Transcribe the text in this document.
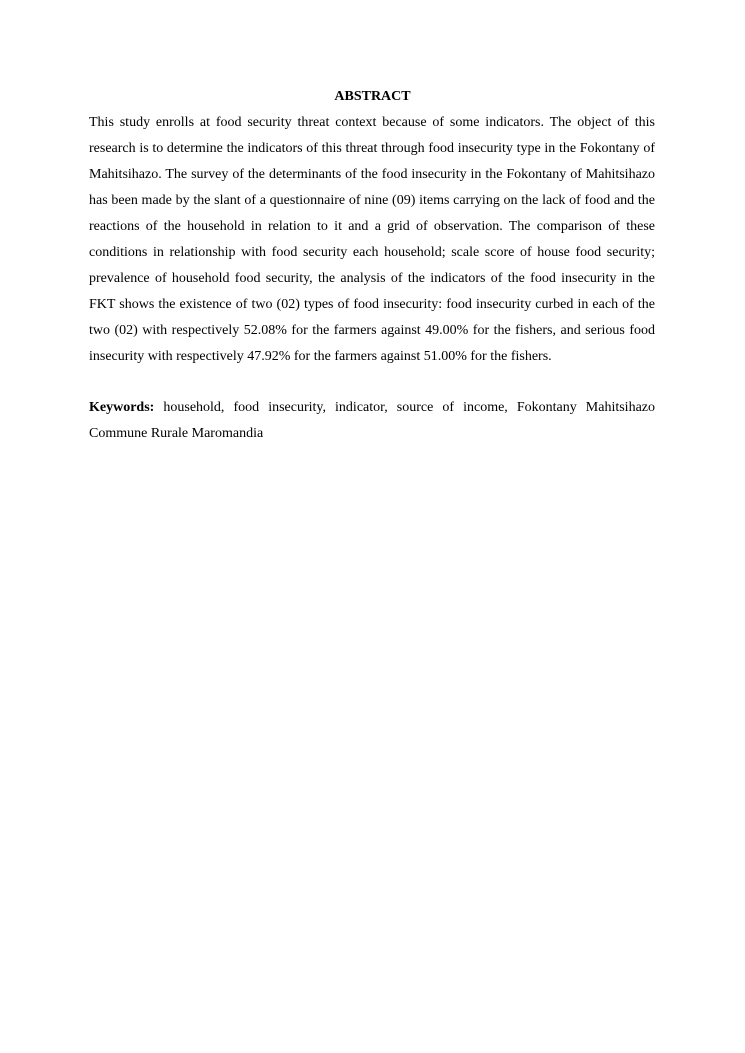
ABSTRACT

This study enrolls at food security threat context because of some indicators. The object of this research is to determine the indicators of this threat through food insecurity type in the Fokontany of Mahitsihazo. The survey of the determinants of the food insecurity in the Fokontany of Mahitsihazo has been made by the slant of a questionnaire of nine (09) items carrying on the lack of food and the reactions of the household in relation to it and a grid of observation. The comparison of these conditions in relationship with food security each household; scale score of house food security; prevalence of household food security, the analysis of the indicators of the food insecurity in the FKT shows the existence of two (02) types of food insecurity: food insecurity curbed in each of the two (02) with respectively 52.08% for the farmers against 49.00% for the fishers, and serious food insecurity with respectively 47.92% for the farmers against 51.00% for the fishers.

Keywords: household, food insecurity, indicator, source of income, Fokontany Mahitsihazo Commune Rurale Maromandia
